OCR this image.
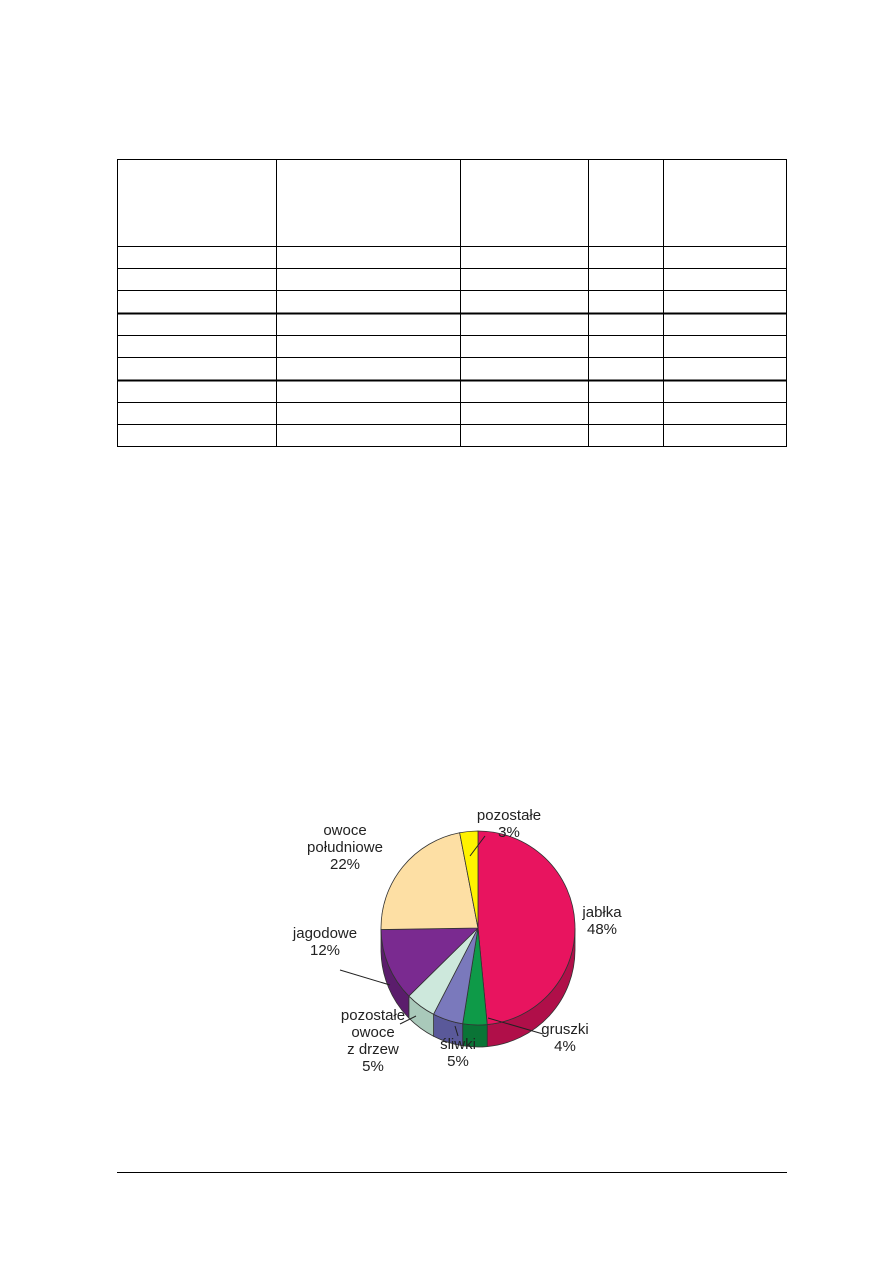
jabłka 48%
gruszki 4%
śliwki 5%
pozostałe owoce z drzew 5%
jagodowe 12%
owoce południowe 22%
pozostałe 3%
